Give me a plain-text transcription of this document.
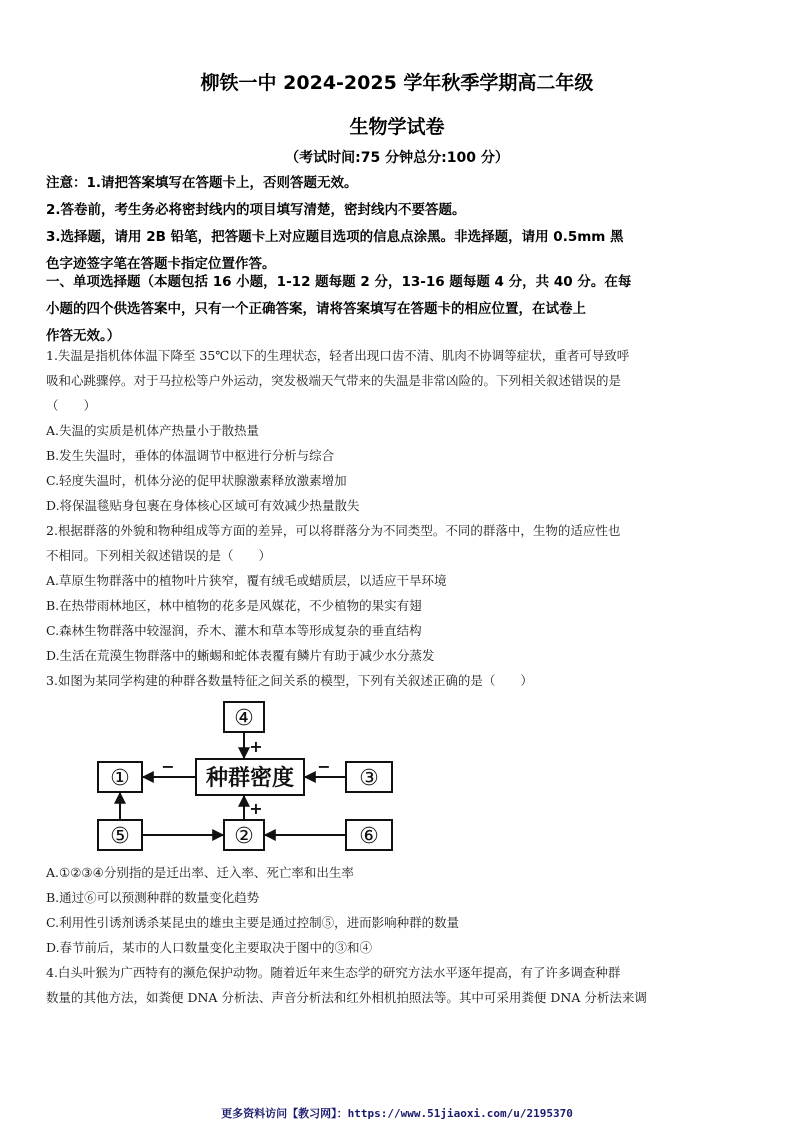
柳铁一中 2024-2025 学年秋季学期高二年级
生物学试卷
（考试时间:75 分钟总分:100 分）
注意：1.请把答案填写在答题卡上，否则答题无效。
2.答卷前，考生务必将密封线内的项目填写清楚，密封线内不要答题。
3.选择题，请用 2B 铅笔，把答题卡上对应题目选项的信息点涂黑。非选择题，请用 0.5mm 黑
色字迹签字笔在答题卡指定位置作答。
一、单项选择题（本题包括 16 小题，1-12 题每题 2 分，13-16 题每题 4 分，共 40 分。在每
小题的四个供选答案中，只有一个正确答案，请将答案填写在答题卡的相应位置，在试卷上
作答无效。）
1.失温是指机体体温下降至 35℃以下的生理状态，轻者出现口齿不清、肌肉不协调等症状，重者可导致呼
吸和心跳骤停。对于马拉松等户外运动，突发极端天气带来的失温是非常凶险的。下列相关叙述错误的是
（　　）
A.失温的实质是机体产热量小于散热量
B.发生失温时，垂体的体温调节中枢进行分析与综合
C.轻度失温时，机体分泌的促甲状腺激素释放激素增加
D.将保温毯贴身包裹在身体核心区域可有效减少热量散失
2.根据群落的外貌和物种组成等方面的差异，可以将群落分为不同类型。不同的群落中，生物的适应性也
不相同。下列相关叙述错误的是（　　）
A.草原生物群落中的植物叶片狭窄，覆有绒毛或蜡质层，以适应干旱环境
B.在热带雨林地区，林中植物的花多是风媒花，不少植物的果实有翅
C.森林生物群落中较湿润，乔木、灌木和草本等形成复杂的垂直结构
D.生活在荒漠生物群落中的蜥蜴和蛇体表覆有鳞片有助于减少水分蒸发
3.如图为某同学构建的种群各数量特征之间关系的模型，下列有关叙述正确的是（　　）
④
种群密度
①	③
⑤	②	⑥
+
+
−	−
A.①②③④分别指的是迁出率、迁入率、死亡率和出生率
B.通过⑥可以预测种群的数量变化趋势
C.利用性引诱剂诱杀某昆虫的雄虫主要是通过控制⑤，进而影响种群的数量
D.春节前后，某市的人口数量变化主要取决于图中的③和④
4.白头叶猴为广西特有的濒危保护动物。随着近年来生态学的研究方法水平逐年提高，有了许多调查种群
数量的其他方法，如粪便 DNA 分析法、声音分析法和红外相机拍照法等。其中可采用粪便 DNA 分析法来调
更多资料访问【教习网】：https://www.51jiaoxi.com/u/2195370
